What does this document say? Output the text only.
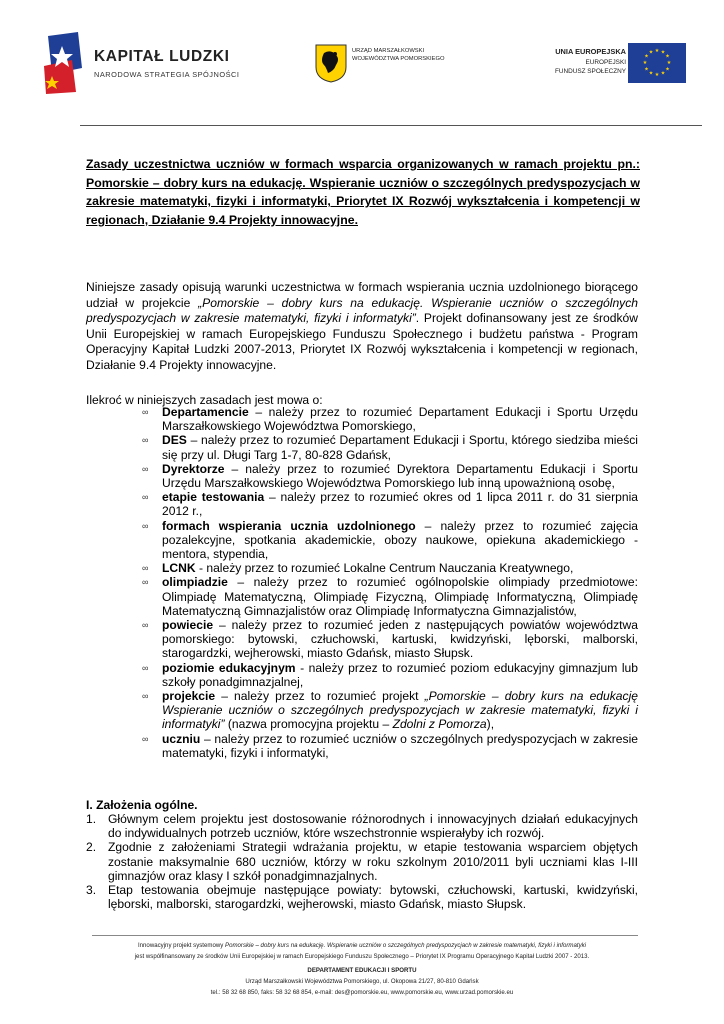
KAPITAŁ LUDZKI
NARODOWA STRATEGIA SPÓJNOŚCI
URZĄD MARSZAŁKOWSKI
WOJEWÓDZTWA POMORSKIEGO
UNIA EUROPEJSKA
EUROPEJSKI
FUNDUSZ SPOŁECZNY
★ ★
★
★
★
★
★
★
★
★
★
★
Zasady uczestnictwa uczniów w formach wsparcia organizowanych w ramach projektu pn.: Pomorskie – dobry kurs na edukację. Wspieranie uczniów o szczególnych predyspozycjach w zakresie matematyki, fizyki i informatyki, Priorytet IX Rozwój wykształcenia i kompetencji w regionach, Działanie 9.4 Projekty innowacyjne.
Niniejsze zasady opisują warunki uczestnictwa w formach wspierania ucznia uzdolnionego biorącego udział w projekcie „Pomorskie – dobry kurs na edukację. Wspieranie uczniów o szczególnych predyspozycjach w zakresie matematyki, fizyki i informatyki”. Projekt dofinansowany jest ze środków Unii Europejskiej w ramach Europejskiego Funduszu Społecznego i budżetu państwa - Program Operacyjny Kapitał Ludzki 2007-2013, Priorytet IX Rozwój wykształcenia i kompetencji w regionach, Działanie 9.4 Projekty innowacyjne.
Ilekroć w niniejszych zasadach jest mowa o:
∞ Departamencie – należy przez to rozumieć Departament Edukacji i Sportu Urzędu Marszałkowskiego Województwa Pomorskiego,
∞ DES – należy przez to rozumieć Departament Edukacji i Sportu, którego siedziba mieści się przy ul. Długi Targ 1-7, 80-828 Gdańsk,
∞ Dyrektorze – należy przez to rozumieć Dyrektora Departamentu Edukacji i Sportu Urzędu Marszałkowskiego Województwa Pomorskiego lub inną upoważnioną osobę,
∞ etapie testowania – należy przez to rozumieć okres od 1 lipca 2011 r. do 31 sierpnia 2012 r.,
∞ formach wspierania ucznia uzdolnionego – należy przez to rozumieć zajęcia pozalekcyjne, spotkania akademickie, obozy naukowe, opiekuna akademickiego - mentora, stypendia,
∞ LCNK - należy przez to rozumieć Lokalne Centrum Nauczania Kreatywnego,
∞ olimpiadzie – należy przez to rozumieć ogólnopolskie olimpiady przedmiotowe: Olimpiadę Matematyczną, Olimpiadę Fizyczną, Olimpiadę Informatyczną, Olimpiadę Matematyczną Gimnazjalistów oraz Olimpiadę Informatyczna Gimnazjalistów,
∞ powiecie – należy przez to rozumieć jeden z następujących powiatów województwa pomorskiego: bytowski, człuchowski, kartuski, kwidzyński, lęborski, malborski, starogardzki, wejherowski, miasto Gdańsk, miasto Słupsk.
∞ poziomie edukacyjnym - należy przez to rozumieć poziom edukacyjny gimnazjum lub szkoły ponadgimnazjalnej,
∞ projekcie – należy przez to rozumieć projekt „Pomorskie – dobry kurs na edukację Wspieranie uczniów o szczególnych predyspozycjach w zakresie matematyki, fizyki i informatyki” (nazwa promocyjna projektu – Zdolni z Pomorza),
∞ uczniu – należy przez to rozumieć uczniów o szczególnych predyspozycjach w zakresie matematyki, fizyki i informatyki,
I. Założenia ogólne.
1. Głównym celem projektu jest dostosowanie różnorodnych i innowacyjnych działań edukacyjnych do indywidualnych potrzeb uczniów, które wszechstronnie wspierałyby ich rozwój.
2. Zgodnie z założeniami Strategii wdrażania projektu, w etapie testowania wsparciem objętych zostanie maksymalnie 680 uczniów, którzy w roku szkolnym 2010/2011 byli uczniami klas I-III gimnazjów oraz klasy I szkół ponadgimnazjalnych.
3. Etap testowania obejmuje następujące powiaty: bytowski, człuchowski, kartuski, kwidzyński, lęborski, malborski, starogardzki, wejherowski, miasto Gdańsk, miasto Słupsk.
Innowacyjny projekt systemowy Pomorskie – dobry kurs na edukację. Wspieranie uczniów o szczególnych predyspozycjach w zakresie matematyki, fizyki i informatyki
jest współfinansowany ze środków Unii Europejskiej w ramach Europejskiego Funduszu Społecznego – Priorytet IX Programu Operacyjnego Kapitał Ludzki 2007 - 2013.
DEPARTAMENT EDUKACJI I SPORTU
Urząd Marszałkowski Województwa Pomorskiego, ul. Okopowa 21/27, 80-810 Gdańsk
tel.: 58 32 68 850, faks: 58 32 68 854, e-mail: des@pomorskie.eu, www.pomorskie.eu, www.urzad.pomorskie.eu
